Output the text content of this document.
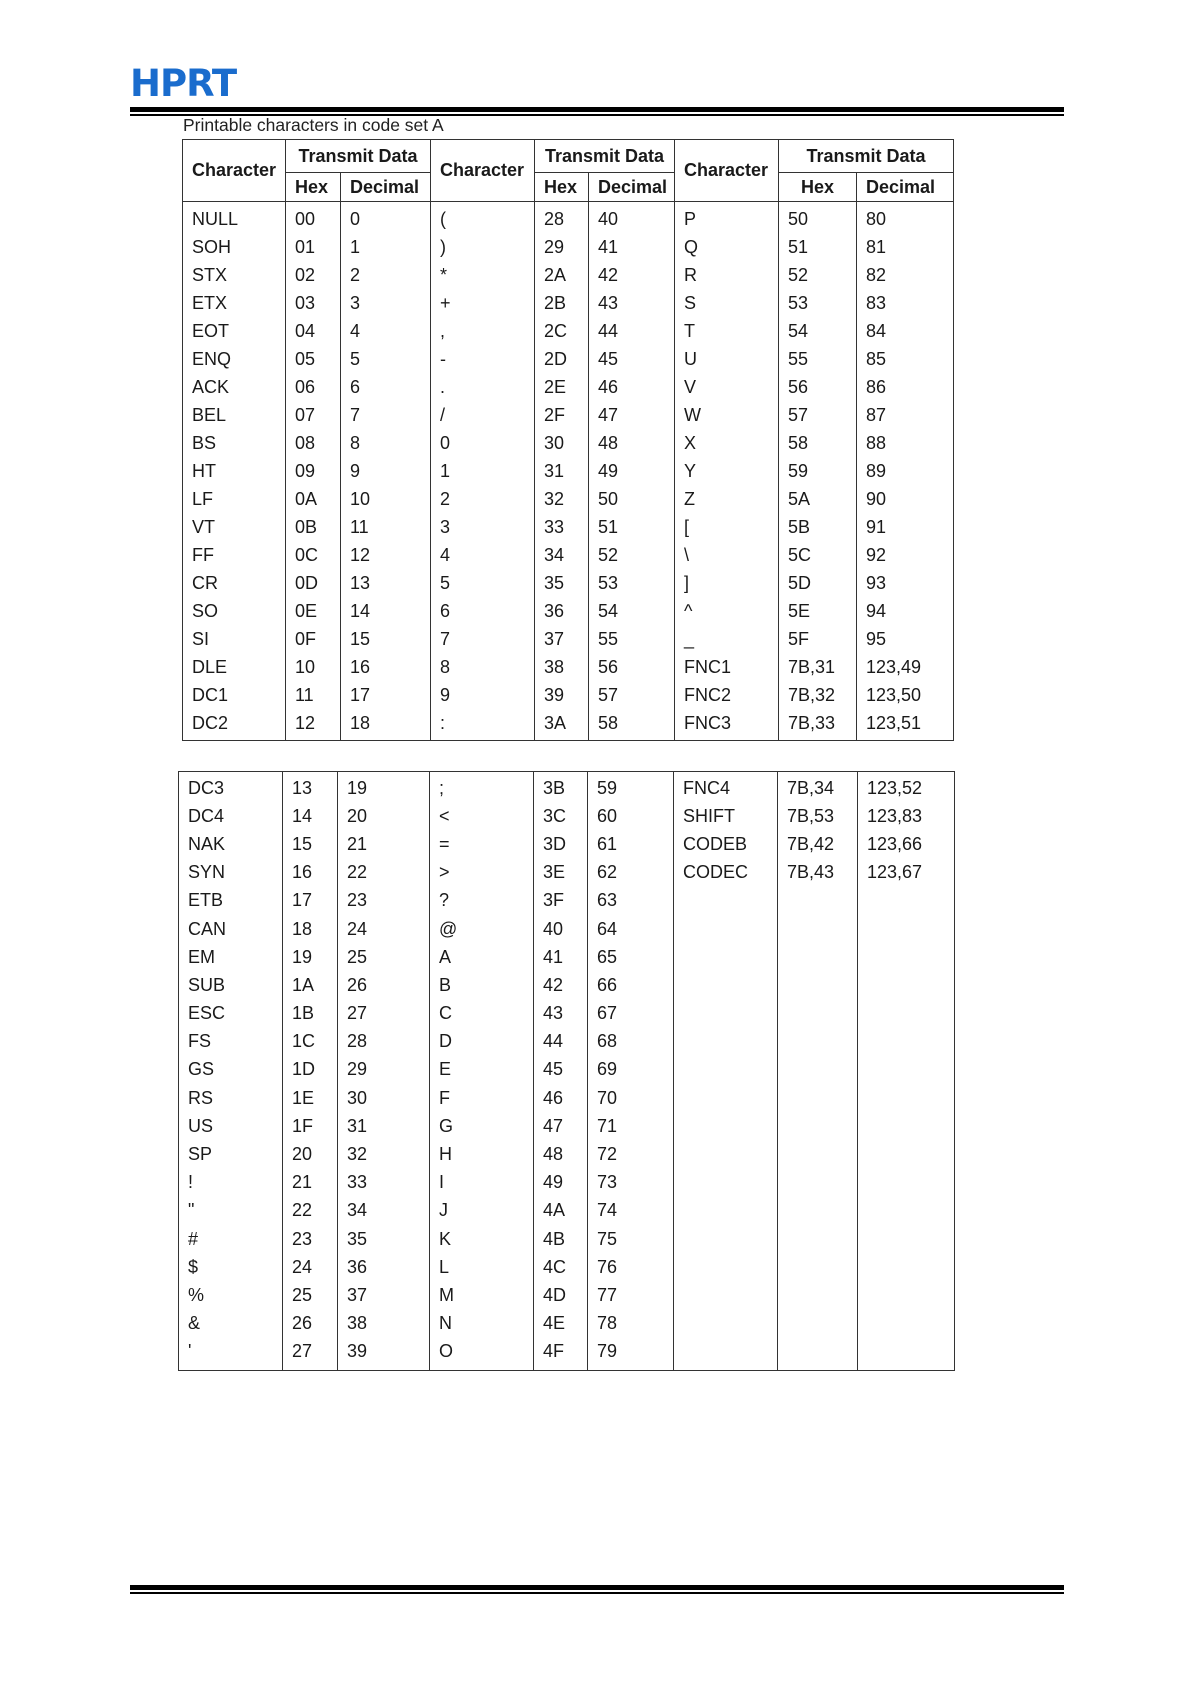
HPRT
Printable characters in code set A
Character	Transmit Data		Character	Transmit Data		Character	Transmit Data	
	Hex	Decimal		Hex	Decimal		Hex	Decimal
NULL	00	0	(	28	40	P	50	80
SOH	01	1	)	29	41	Q	51	81
STX	02	2	*	2A	42	R	52	82
ETX	03	3	+	2B	43	S	53	83
EOT	04	4	,	2C	44	T	54	84
ENQ	05	5	-	2D	45	U	55	85
ACK	06	6	.	2E	46	V	56	86
BEL	07	7	/	2F	47	W	57	87
BS	08	8	0	30	48	X	58	88
HT	09	9	1	31	49	Y	59	89
LF	0A	10	2	32	50	Z	5A	90
VT	0B	11	3	33	51	[	5B	91
FF	0C	12	4	34	52	\	5C	92
CR	0D	13	5	35	53	]	5D	93
SO	0E	14	6	36	54	^	5E	94
SI	0F	15	7	37	55	_	5F	95
DLE	10	16	8	38	56	FNC1	7B,31	123,49
DC1	11	17	9	39	57	FNC2	7B,32	123,50
DC2	12	18	:	3A	58	FNC3	7B,33	123,51
DC3	13	19	;	3B	59	FNC4	7B,34	123,52
DC4	14	20	<	3C	60	SHIFT	7B,53	123,83
NAK	15	21	=	3D	61	CODEB	7B,42	123,66
SYN	16	22	>	3E	62	CODEC	7B,43	123,67
ETB	17	23	?	3F	63			
CAN	18	24	@	40	64			
EM	19	25	A	41	65			
SUB	1A	26	B	42	66			
ESC	1B	27	C	43	67			
FS	1C	28	D	44	68			
GS	1D	29	E	45	69			
RS	1E	30	F	46	70			
US	1F	31	G	47	71			
SP	20	32	H	48	72			
!	21	33	I	49	73			
"	22	34	J	4A	74			
#	23	35	K	4B	75			
$	24	36	L	4C	76			
%	25	37	M	4D	77			
&	26	38	N	4E	78			
'	27	39	O	4F	79			
